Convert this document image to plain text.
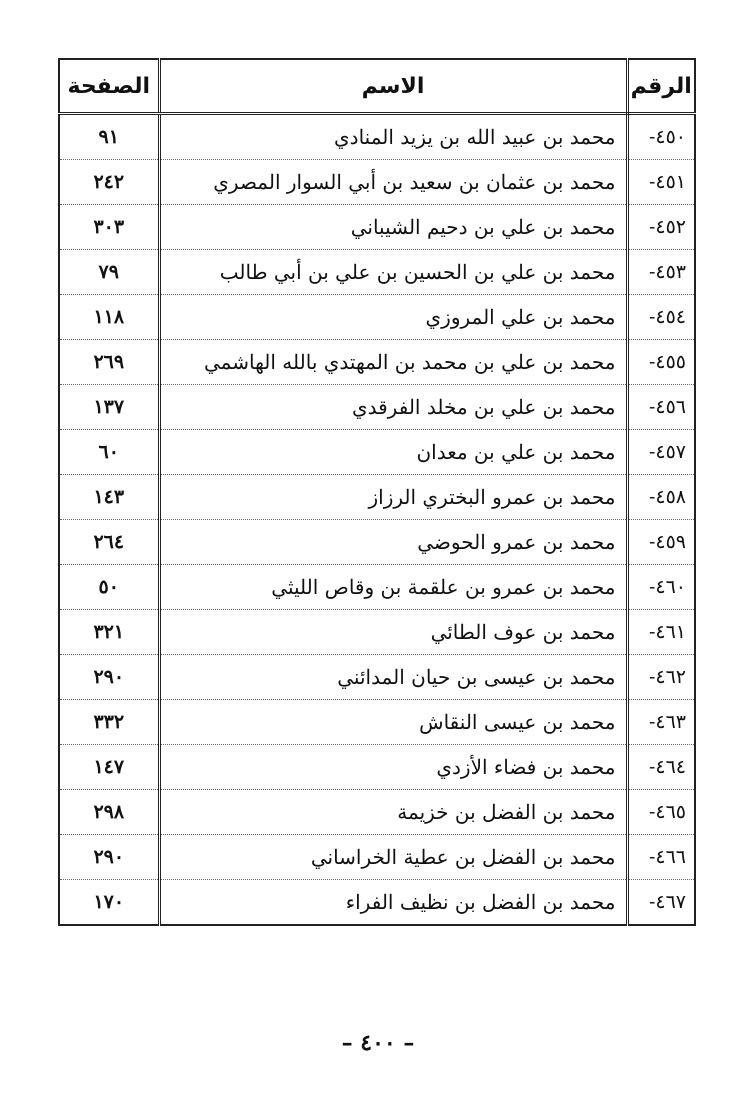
الرقم	الاسم	الصفحة
٤٥٠-	محمد بن عبيد الله بن يزيد المنادي	٩١
٤٥١-	محمد بن عثمان بن سعيد بن أبي السوار المصري	٢٤٢
٤٥٢-	محمد بن علي بن دحيم الشيباني	٣٠٣
٤٥٣-	محمد بن علي بن الحسين بن علي بن أبي طالب	٧٩
٤٥٤-	محمد بن علي المروزي	١١٨
٤٥٥-	محمد بن علي بن محمد بن المهتدي بالله الهاشمي	٢٦٩
٤٥٦-	محمد بن علي بن مخلد الفرقدي	١٣٧
٤٥٧-	محمد بن علي بن معدان	٦٠
٤٥٨-	محمد بن عمرو البختري الرزاز	١٤٣
٤٥٩-	محمد بن عمرو الحوضي	٢٦٤
٤٦٠-	محمد بن عمرو بن علقمة بن وقاص الليثي	٥٠
٤٦١-	محمد بن عوف الطائي	٣٢١
٤٦٢-	محمد بن عيسى بن حيان المدائني	٢٩٠
٤٦٣-	محمد بن عيسى النقاش	٣٣٢
٤٦٤-	محمد بن فضاء الأزدي	١٤٧
٤٦٥-	محمد بن الفضل بن خزيمة	٢٩٨
٤٦٦-	محمد بن الفضل بن عطية الخراساني	٢٩٠
٤٦٧-	محمد بن الفضل بن نظيف الفراء	١٧٠
– ٤٠٠ –
